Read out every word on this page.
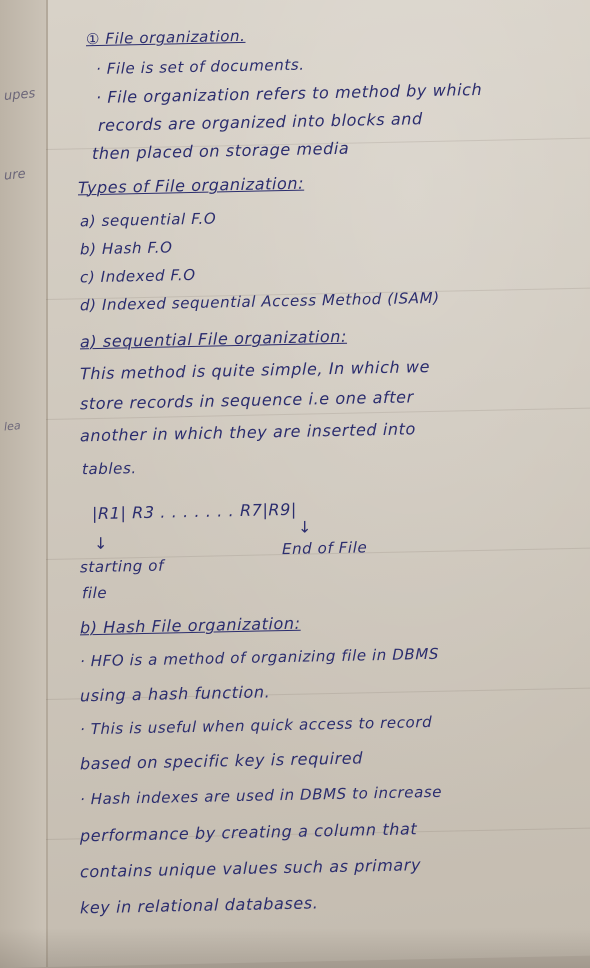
upes
ure
lea
① File organization.
· File is set of documents.
· File organization refers to method by which
records are organized into blocks and
then placed on storage media
Types of File organization:
a) sequential F.O
b) Hash F.O
c) Indexed F.O
d) Indexed sequential Access Method (ISAM)
a) sequential File organization:
This method is quite simple, In which we
store records in sequence i.e one after
another in which they are inserted into
tables.
|R1| R3 . . . . . . . R7|R9|
↓
↓
starting of
file
End of File
b) Hash File organization:
· HFO is a method of organizing file in DBMS
using a hash function.
· This is useful when quick access to record
based on specific key is required
· Hash indexes are used in DBMS to increase
performance by creating a column that
contains unique values such as primary
key in relational databases.
